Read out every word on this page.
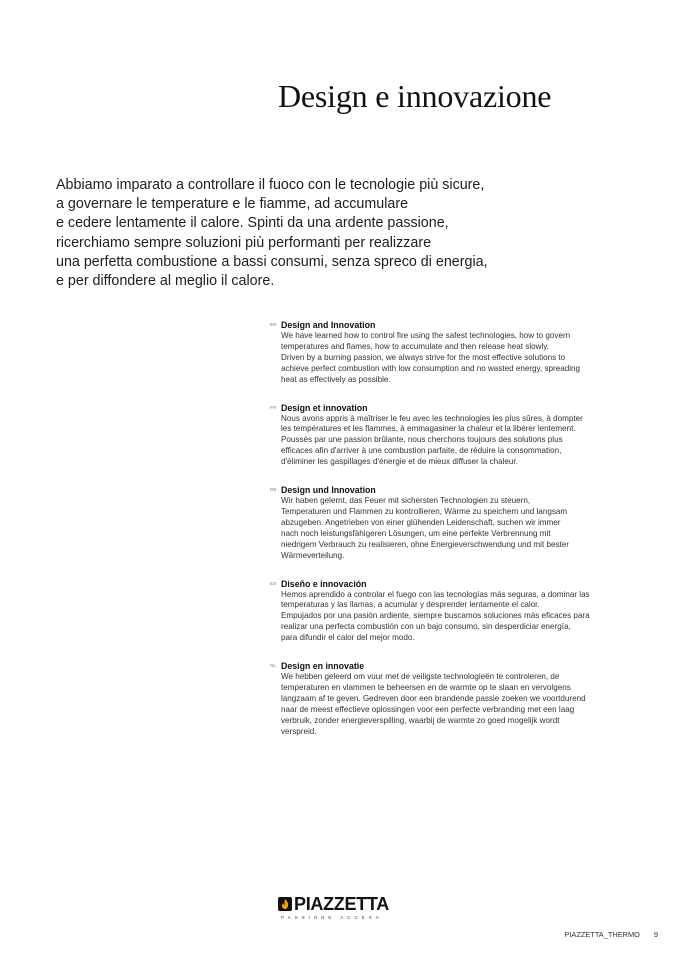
Design e innovazione
Abbiamo imparato a controllare il fuoco con le tecnologie più sicure,
a governare le temperature e le fiamme, ad accumulare
e cedere lentamente il calore. Spinti da una ardente passione,
ricerchiamo sempre soluzioni più performanti per realizzare
una perfetta combustione a bassi consumi, senza spreco di energia,
e per diffondere al meglio il calore.
EN Design and Innovation
We have learned how to control fire using the safest technologies, how to govern
temperatures and flames, how to accumulate and then release heat slowly.
Driven by a burning passion, we always strive for the most effective solutions to
achieve perfect combustion with low consumption and no wasted energy, spreading
heat as effectively as possible.
FR Design et innovation
Nous avons appris à maîtriser le feu avec les technologies les plus sûres, à dompter
les températures et les flammes, à emmagasiner la chaleur et la libérer lentement.
Poussés par une passion brûlante, nous cherchons toujours des solutions plus
efficaces afin d'arriver à une combustion parfaite, de réduire la consommation,
d'éliminer les gaspillages d'énergie et de mieux diffuser la chaleur.
DE Design und Innovation
Wir haben gelernt, das Feuer mit sichersten Technologien zu steuern,
Temperaturen und Flammen zu kontrollieren, Wärme zu speichern und langsam
abzugeben. Angetrieben von einer glühenden Leidenschaft, suchen wir immer
nach noch leistungsfähigeren Lösungen, um eine perfekte Verbrennung mit
niedrigem Verbrauch zu realisieren, ohne Energieverschwendung und mit bester
Wärmeverteilung.
ES Diseño e innovación
Hemos aprendido a controlar el fuego con las tecnologías más seguras, a dominar las
temperaturas y las llamas, a acumular y desprender lentamente el calor.
Empujados por una pasión ardiente, siempre buscamos soluciones más eficaces para
realizar una perfecta combustión con un bajo consumo, sin desperdiciar energía,
para difundir el calor del mejor modo.
NL Design en innovatie
We hebben geleerd om vuur met de veiligste technologieën te controleren, de
temperaturen en vlammen te beheersen en de warmte op te slaan en vervolgens
langzaam af te geven. Gedreven door een brandende passie zoeken we voortdurend
naar de meest effectieve oplossingen voor een perfecte verbranding met een laag
verbruik, zonder energieverspilling, waarbij de warmte zo goed mogelijk wordt
verspreid.
PIAZZETTA
PASSIONE ACCESA
PIAZZETTA_THERMO 9
